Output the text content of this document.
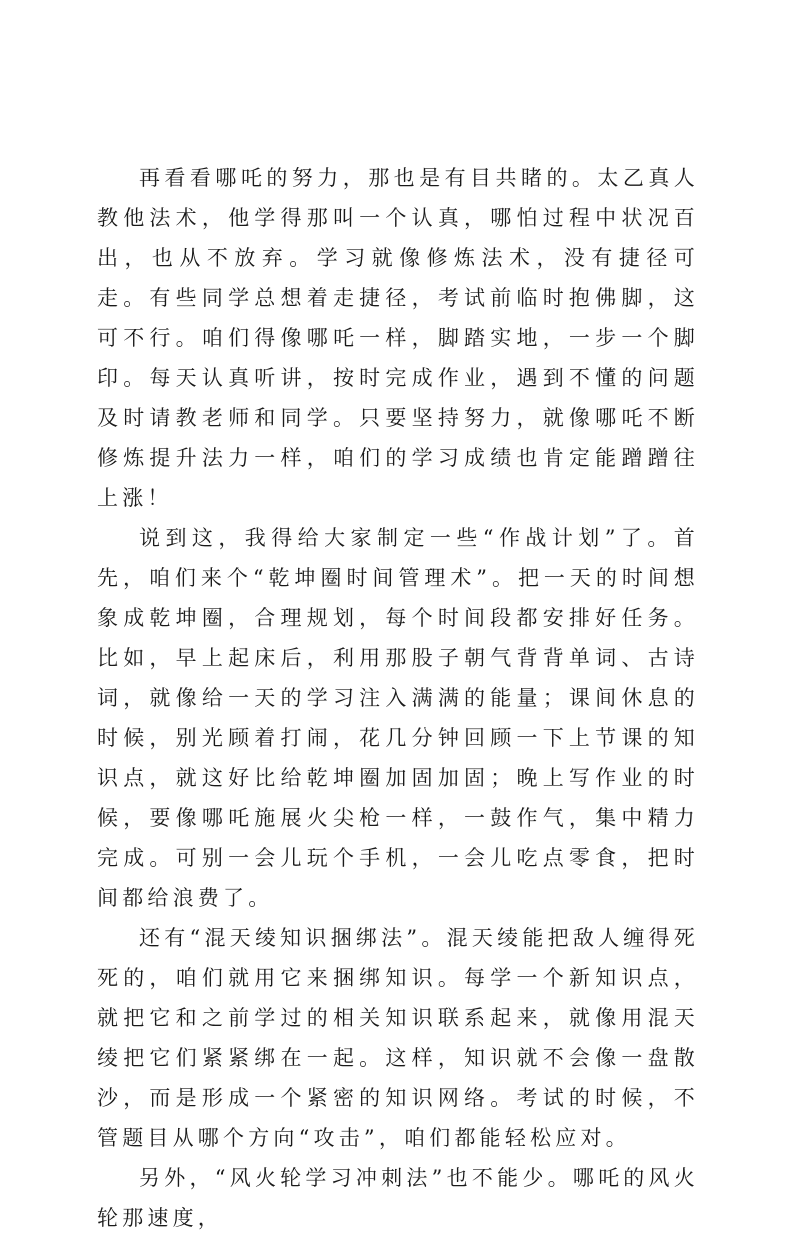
再看看哪吒的努力，那也是有目共睹的。太乙真人教他法术，他学得那叫一个认真，哪怕过程中状况百出，也从不放弃。学习就像修炼法术，没有捷径可走。有些同学总想着走捷径，考试前临时抱佛脚，这可不行。咱们得像哪吒一样，脚踏实地，一步一个脚印。每天认真听讲，按时完成作业，遇到不懂的问题及时请教老师和同学。只要坚持努力，就像哪吒不断修炼提升法力一样，咱们的学习成绩也肯定能蹭蹭往上涨！

说到这，我得给大家制定一些“作战计划”了。首先，咱们来个“乾坤圈时间管理术”。把一天的时间想象成乾坤圈，合理规划，每个时间段都安排好任务。比如，早上起床后，利用那股子朝气背背单词、古诗词，就像给一天的学习注入满满的能量；课间休息的时候，别光顾着打闹，花几分钟回顾一下上节课的知识点，就这好比给乾坤圈加固加固；晚上写作业的时候，要像哪吒施展火尖枪一样，一鼓作气，集中精力完成。可别一会儿玩个手机，一会儿吃点零食，把时间都给浪费了。

还有“混天绫知识捆绑法”。混天绫能把敌人缠得死死的，咱们就用它来捆绑知识。每学一个新知识点，就把它和之前学过的相关知识联系起来，就像用混天绫把它们紧紧绑在一起。这样，知识就不会像一盘散沙，而是形成一个紧密的知识网络。考试的时候，不管题目从哪个方向“攻击”，咱们都能轻松应对。

另外，“风火轮学习冲刺法”也不能少。哪吒的风火轮那速度，
